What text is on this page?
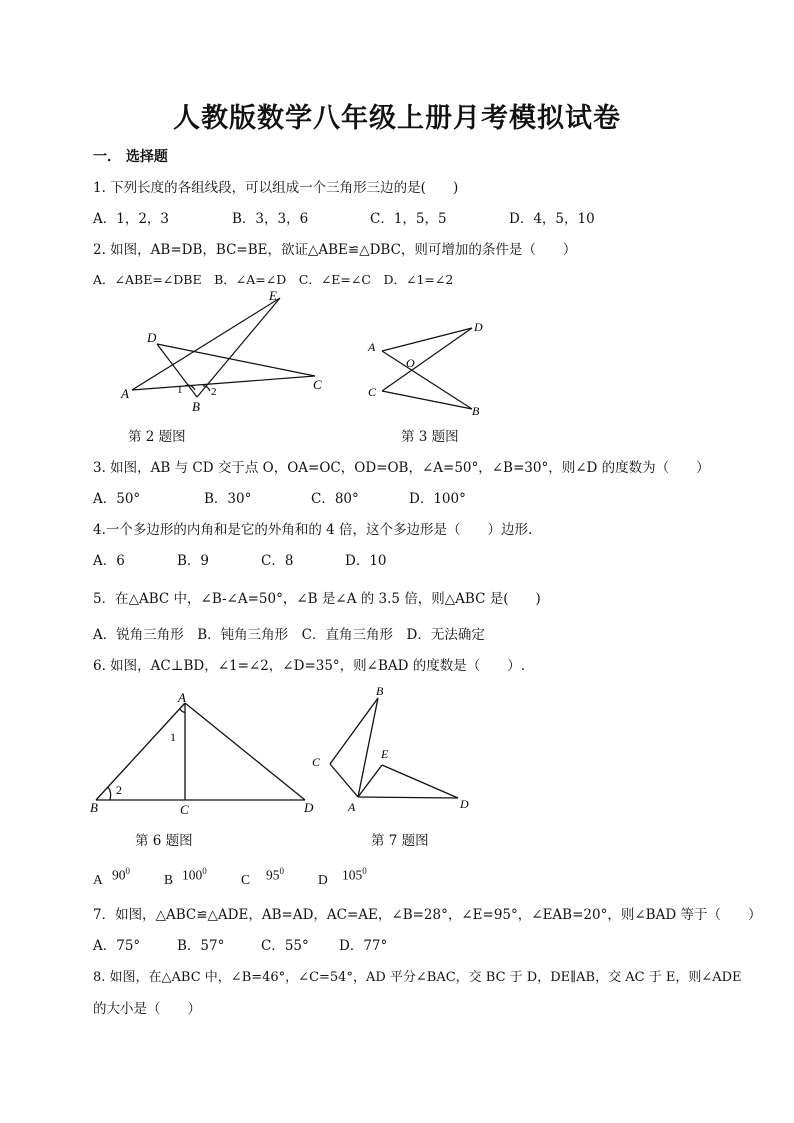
人教版数学八年级上册月考模拟试卷
一． 选择题
1. 下列长度的各组线段，可以组成一个三角形三边的是(　　)
A．1，2，3	B．3，3，6	C．1，5，5	D．4，5，10
2. 如图，AB=DB，BC=BE，欲证△ABE≌△DBC，则可增加的条件是（　　）
A．∠ABE=∠DBE　B．∠A=∠D　C．∠E=∠C　D．∠1=∠2
D
E
A
B
C
1	2
第 2 题图
A
D
O
C
B
第 3 题图
3. 如图，AB 与 CD 交于点 O，OA=OC，OD=OB，∠A=50°，∠B=30°，则∠D 的度数为（　　）
A．50°	B．30°	C．80°	D．100°
4.一个多边形的内角和是它的外角和的 4 倍，这个多边形是（　　）边形.
A．6	B．9	C．8	D．10
5．在△ABC 中，∠B-∠A=50°，∠B 是∠A 的 3.5 倍，则△ABC 是(　　)
A．锐角三角形　B．钝角三角形　C．直角三角形　D．无法确定
6. 如图，AC⊥BD，∠1=∠2，∠D=35°，则∠BAD 的度数是（　　）.
A
B	C	D
1
2
第 6 题图
B
C
E
A	D
第 7 题图
A $90^0$
B $100^0$
C $95^0$
D $105^0$
7．如图，△ABC≌△ADE，AB=AD，AC=AE，∠B=28°，∠E=95°，∠EAB=20°，则∠BAD 等于（　　）
A．75°	B．57°	C．55° D．77°
8. 如图，在△ABC 中，∠B=46°，∠C=54°，AD 平分∠BAC，交 BC 于 D，DE∥AB，交 AC 于 E，则∠ADE
的大小是（　　）
